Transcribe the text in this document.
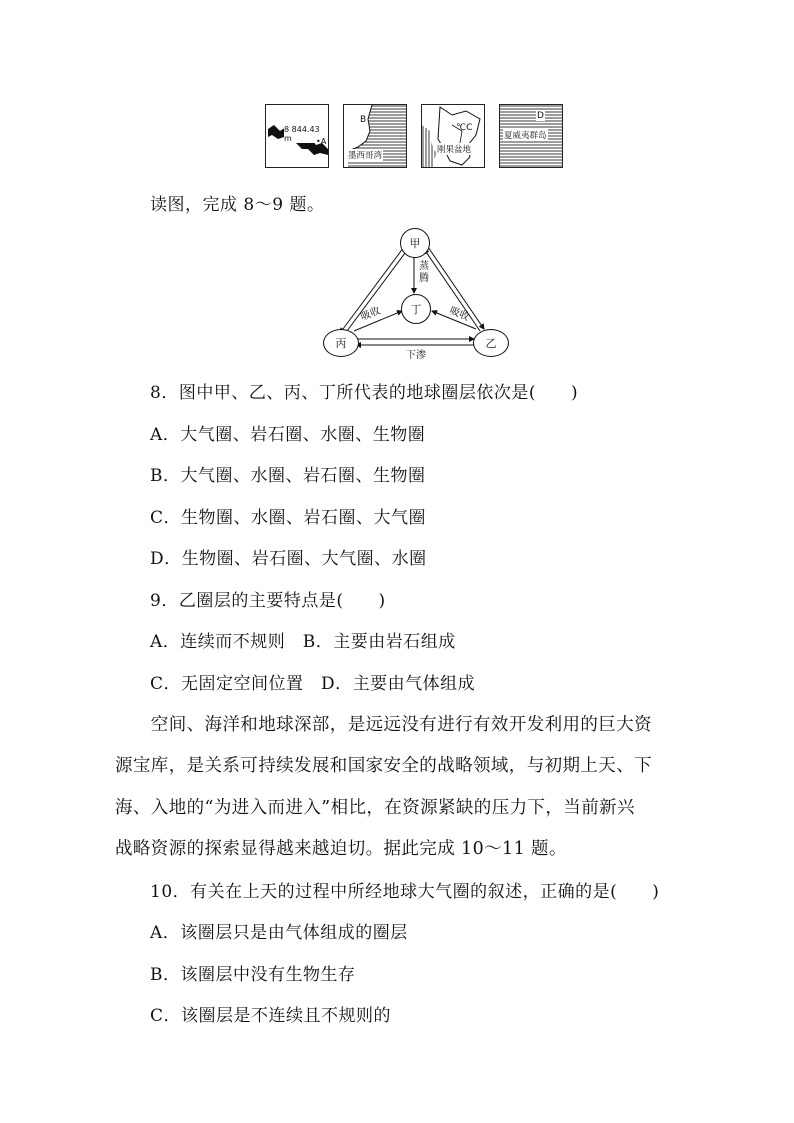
8 844.43 m	•A
B
墨西哥湾
℃C
刚果盆地
D
夏威夷群岛
读图，完成 8～9 题。
甲
丁
丙	乙
蒸腾
吸收	吸收
下渗
8．图中甲、乙、丙、丁所代表的地球圈层依次是(　　)
A．大气圈、岩石圈、水圈、生物圈
B．大气圈、水圈、岩石圈、生物圈
C．生物圈、水圈、岩石圈、大气圈
D．生物圈、岩石圈、大气圈、水圈
9．乙圈层的主要特点是(　　)
A．连续而不规则　B．主要由岩石组成
C．无固定空间位置　D．主要由气体组成
　　空间、海洋和地球深部，是远远没有进行有效开发利用的巨大资
源宝库，是关系可持续发展和国家安全的战略领域，与初期上天、下
海、入地的“为进入而进入”相比，在资源紧缺的压力下，当前新兴
战略资源的探索显得越来越迫切。据此完成 10～11 题。
10．有关在上天的过程中所经地球大气圈的叙述，正确的是(　　)
A．该圈层只是由气体组成的圈层
B．该圈层中没有生物生存
C．该圈层是不连续且不规则的
